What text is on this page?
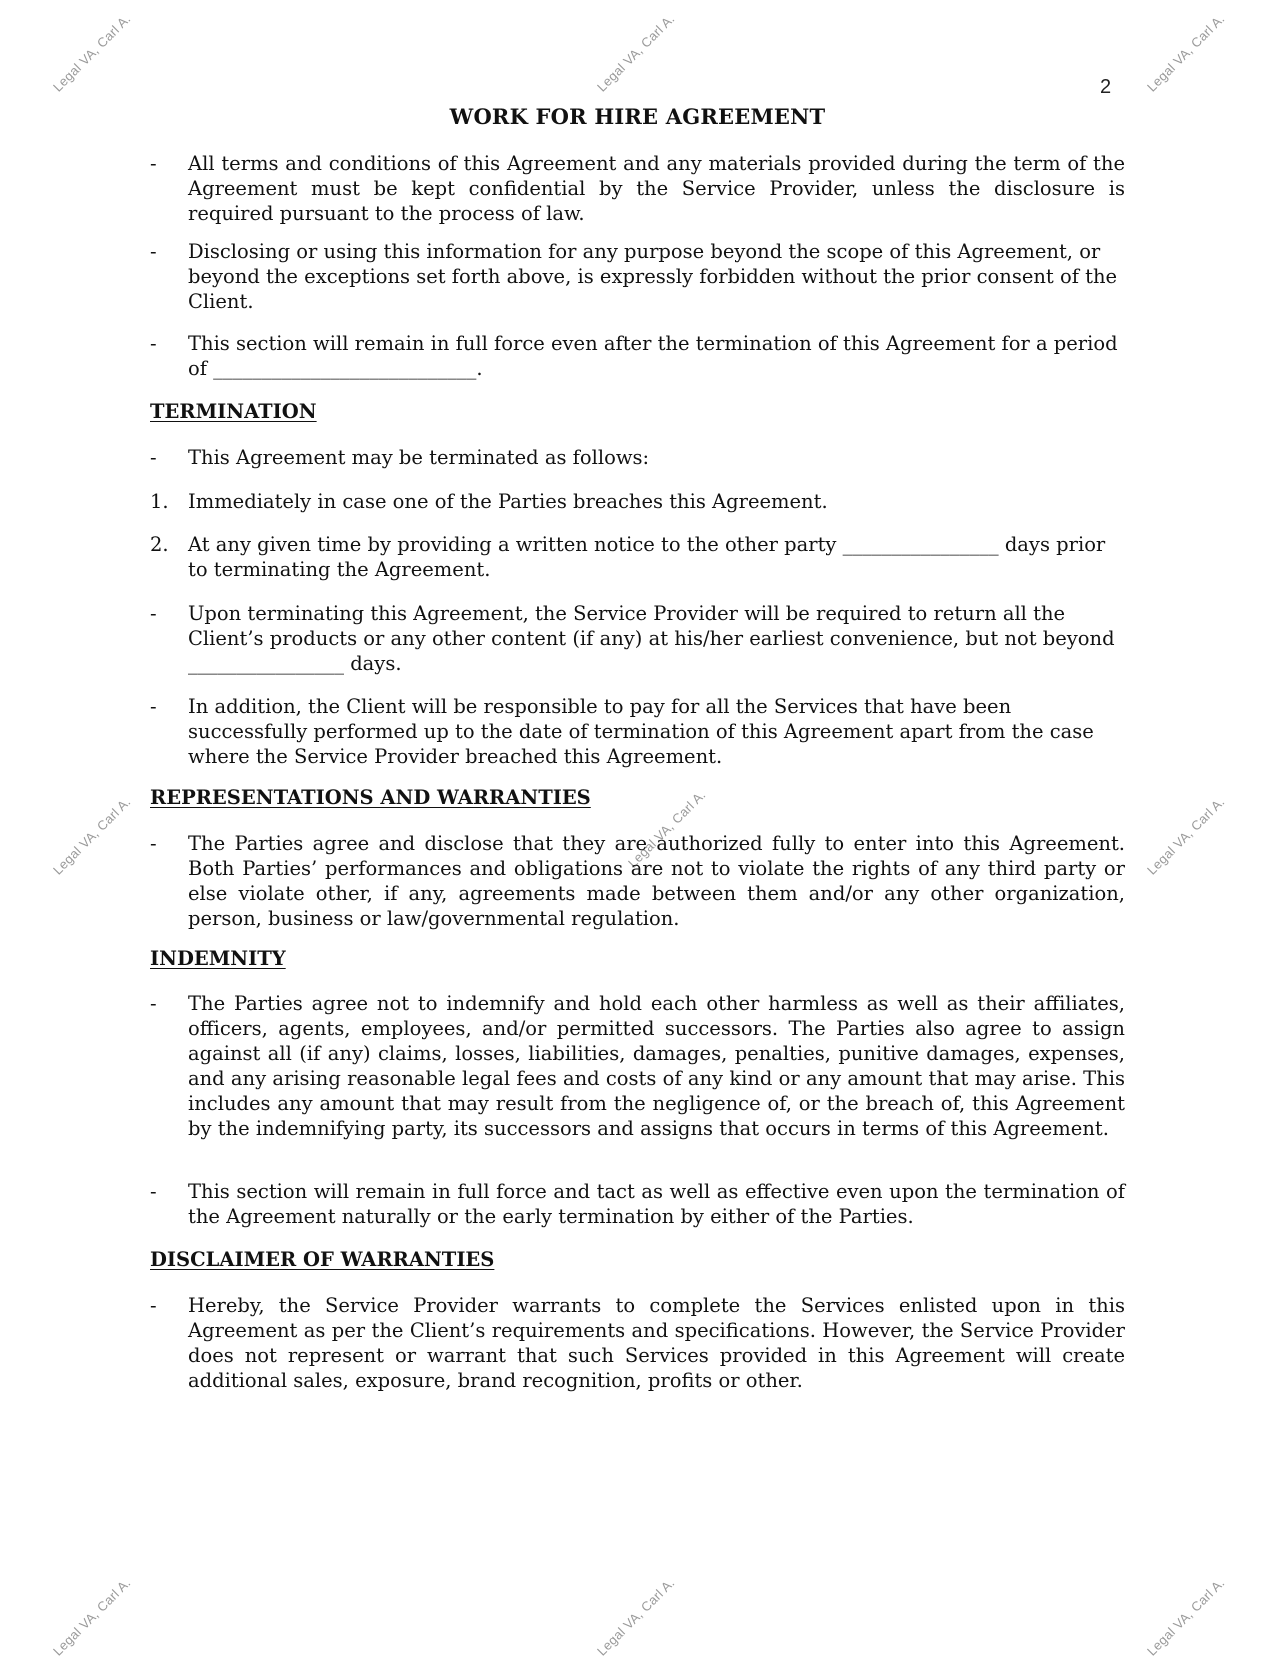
Legal VA, Carl A.	Legal VA, Carl A.	Legal VA, Carl A.
Legal VA, Carl A.	Legal VA, Carl A.	Legal VA, Carl A.
Legal VA, Carl A.	Legal VA, Carl A.	Legal VA, Carl A.
2
WORK FOR HIRE AGREEMENT
-	All terms and conditions of this Agreement and any materials provided during the term of the Agreement must be kept confidential by the Service Provider, unless the disclosure is required pursuant to the process of law.
-	Disclosing or using this information for any purpose beyond the scope of this Agreement, or beyond the exceptions set forth above, is expressly forbidden without the prior consent of the Client.
-	This section will remain in full force even after the termination of this Agreement for a period of ___________________________.
TERMINATION
-	This Agreement may be terminated as follows:
1. Immediately in case one of the Parties breaches this Agreement.
2. At any given time by providing a written notice to the other party ________________ days prior to terminating the Agreement.
-	Upon terminating this Agreement, the Service Provider will be required to return all the Client’s products or any other content (if any) at his/her earliest convenience, but not beyond ________________ days.
-	In addition, the Client will be responsible to pay for all the Services that have been successfully performed up to the date of termination of this Agreement apart from the case where the Service Provider breached this Agreement.
REPRESENTATIONS AND WARRANTIES
-	The Parties agree and disclose that they are authorized fully to enter into this Agreement. Both Parties’ performances and obligations are not to violate the rights of any third party or else violate other, if any, agreements made between them and/or any other organization, person, business or law/governmental regulation.
INDEMNITY
-	The Parties agree not to indemnify and hold each other harmless as well as their affiliates, officers, agents, employees, and/or permitted successors. The Parties also agree to assign against all (if any) claims, losses, liabilities, damages, penalties, punitive damages, expenses, and any arising reasonable legal fees and costs of any kind or any amount that may arise. This includes any amount that may result from the negligence of, or the breach of, this Agreement by the indemnifying party, its successors and assigns that occurs in terms of this Agreement.
-	This section will remain in full force and tact as well as effective even upon the termination of the Agreement naturally or the early termination by either of the Parties.
DISCLAIMER OF WARRANTIES
-	Hereby, the Service Provider warrants to complete the Services enlisted upon in this Agreement as per the Client’s requirements and specifications. However, the Service Provider does not represent or warrant that such Services provided in this Agreement will create additional sales, exposure, brand recognition, profits or other.
